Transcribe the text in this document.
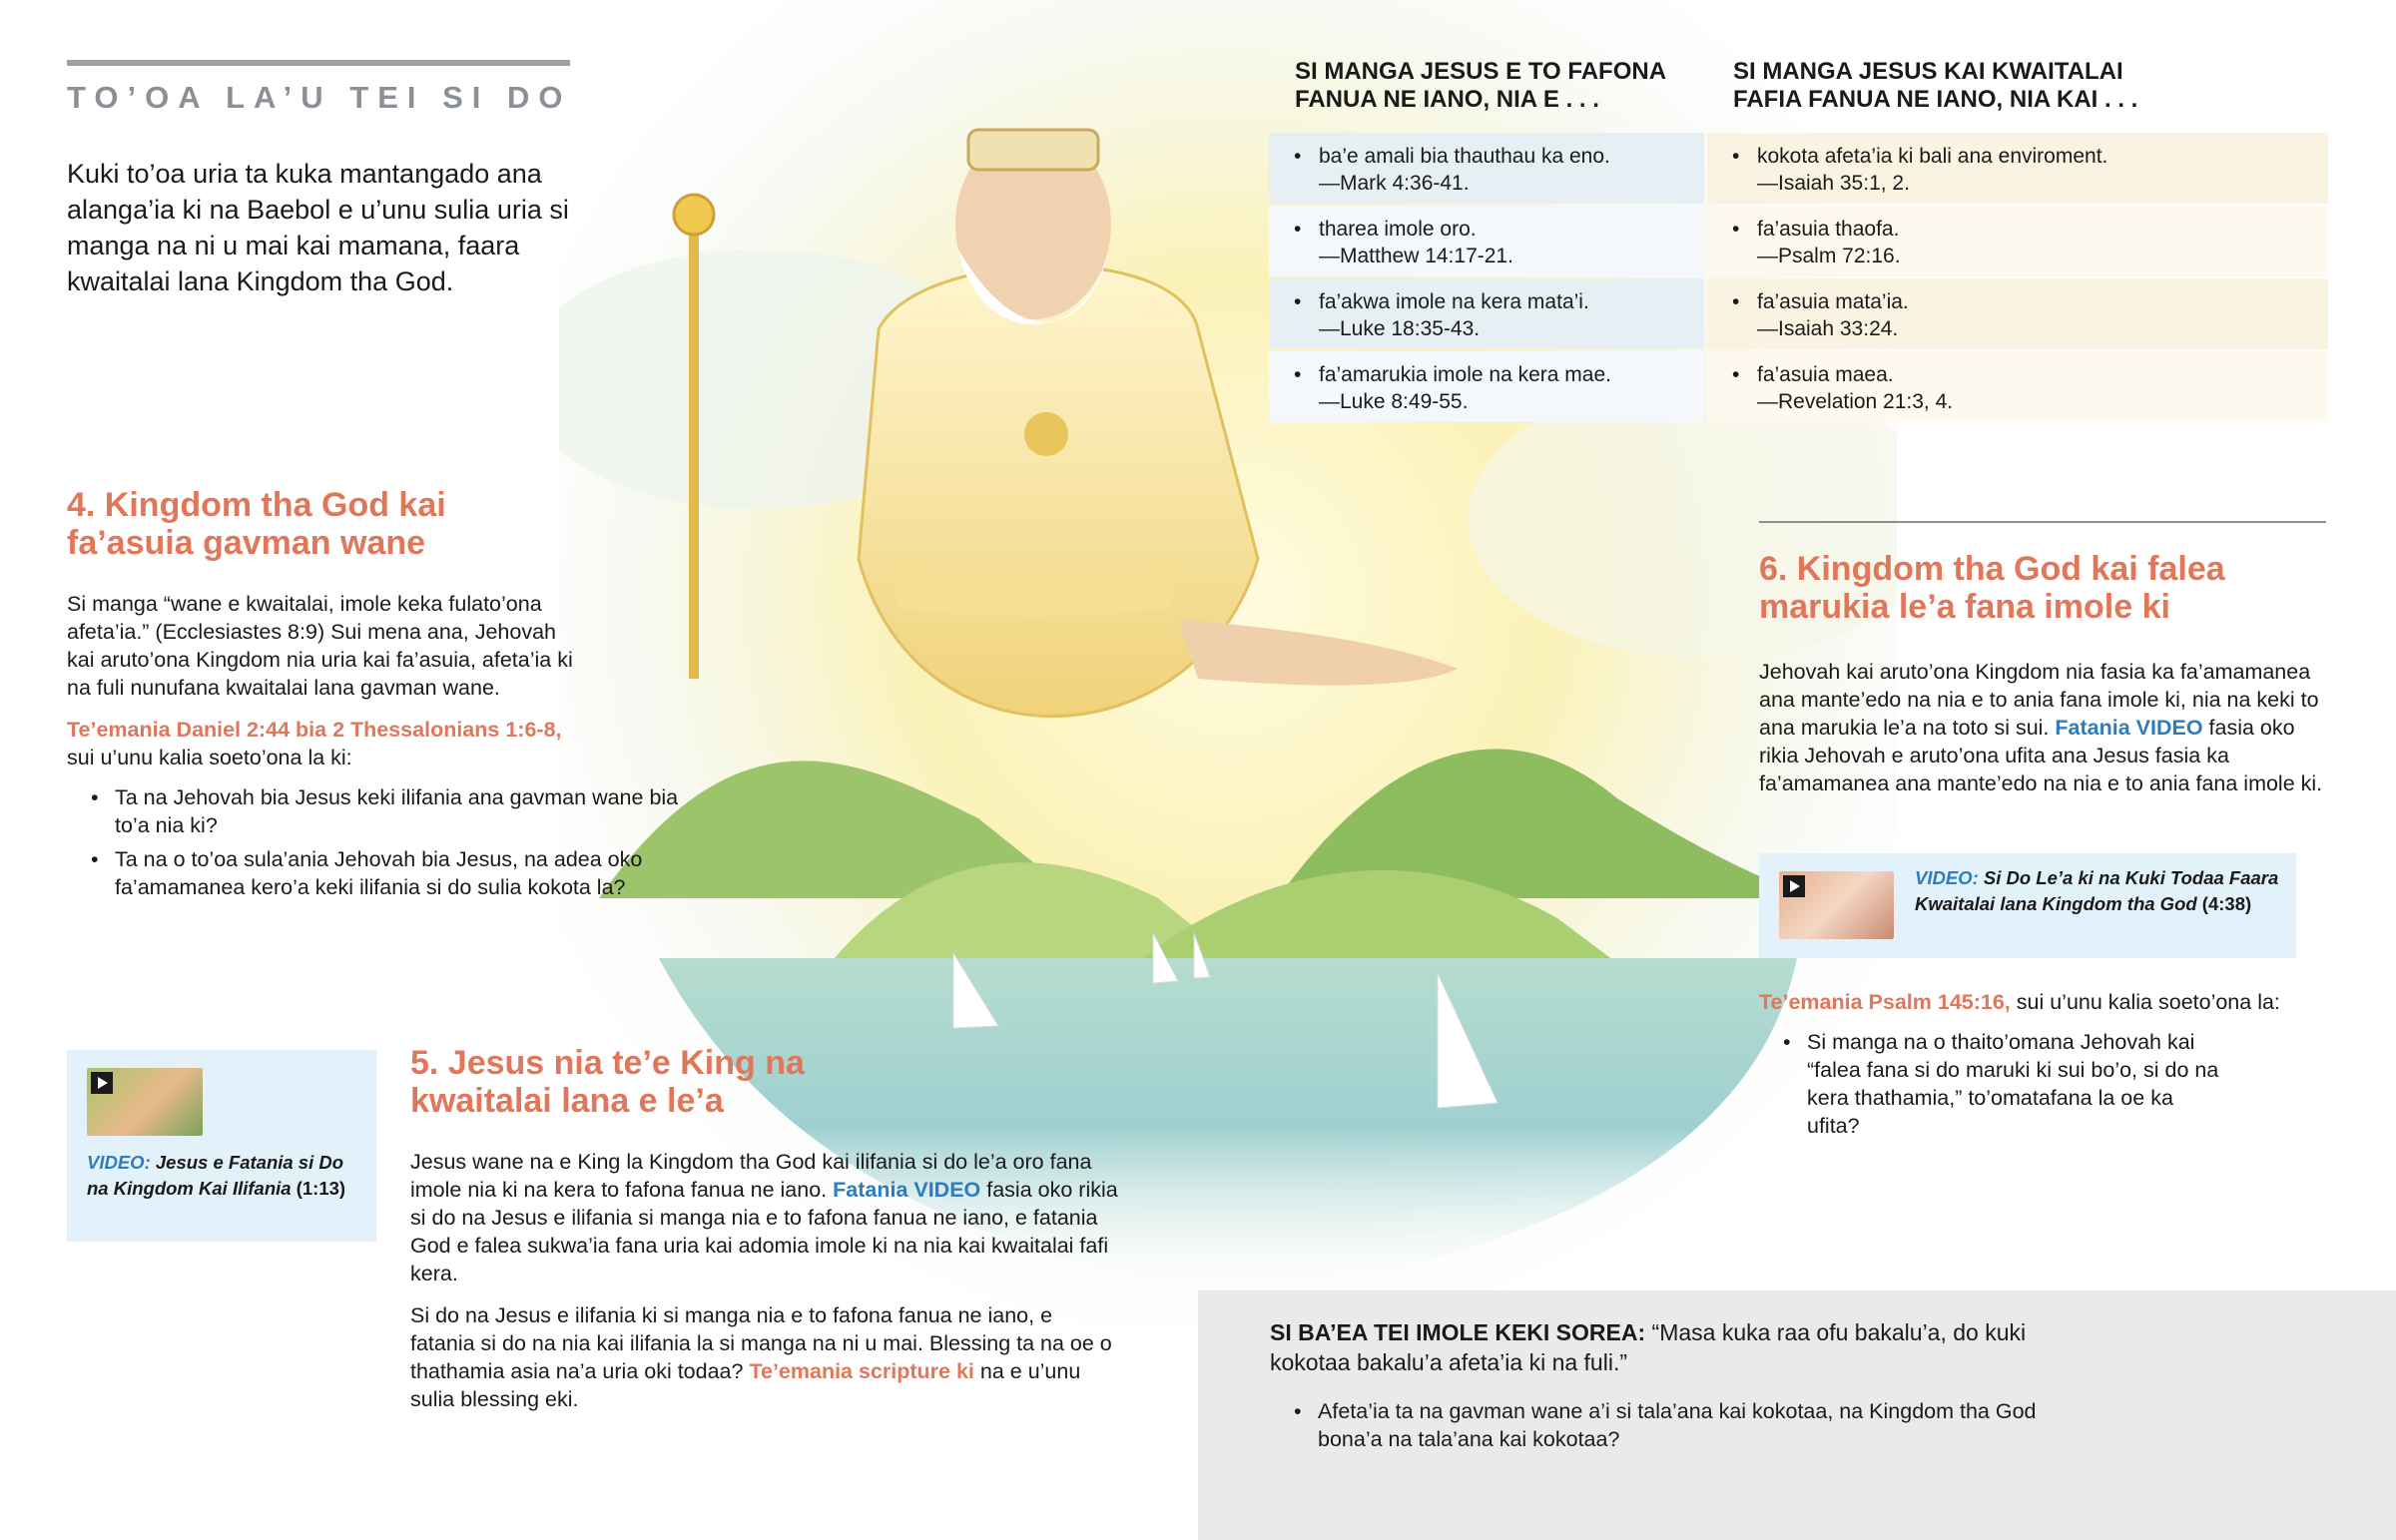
TO’OA LA’U TEI SI DO
Kuki to’oa uria ta kuka mantangado ana alanga’ia ki na Baebol e u’unu sulia uria si manga na ni u mai kai mamana, faara kwaitalai lana Kingdom tha God.
SI MANGA JESUS E TO FAFONA FANUA NE IANO, NIA E . . .
SI MANGA JESUS KAI KWAITALAI FAFIA FANUA NE IANO, NIA KAI . . .
• ba’e amali bia thauthau ka eno.
—Mark 4:36-41.
• kokota afeta’ia ki bali ana enviroment.
—Isaiah 35:1, 2.
• tharea imole oro.
—Matthew 14:17-21.
• fa’asuia thaofa.
—Psalm 72:16.
• fa’akwa imole na kera mata’i.
—Luke 18:35-43.
• fa’asuia mata’ia.
—Isaiah 33:24.
• fa’amarukia imole na kera mae.
—Luke 8:49-55.
• fa’asuia maea.
—Revelation 21:3, 4.
4. Kingdom tha God kai
fa’asuia gavman wane
Si manga “wane e kwaitalai, imole keka fulato’ona afeta’ia.” (Ecclesiastes 8:9) Sui mena ana, Jehovah kai aruto’ona Kingdom nia uria kai fa’asuia, afeta’ia ki na fuli nunufana kwaitalai lana gavman wane.
Te’emania Daniel 2:44 bia 2 Thessalonians 1:6-8, sui u’unu kalia soeto’ona la ki:
• Ta na Jehovah bia Jesus keki ilifania ana gavman wane bia to’a nia ki?
• Ta na o to’oa sula’ania Jehovah bia Jesus, na adea oko fa’amamanea kero’a keki ilifania si do sulia kokota la?
VIDEO: Jesus e Fatania si Do na Kingdom Kai Ilifania (1:13)
5. Jesus nia te’e King na
kwaitalai lana e le’a
Jesus wane na e King la Kingdom tha God kai ilifania si do le’a oro fana imole nia ki na kera to fafona fanua ne iano. Fatania VIDEO fasia oko rikia si do na Jesus e ilifania si manga nia e to fafona fanua ne iano, e fatania God e falea sukwa’ia fana uria kai adomia imole ki na nia kai kwaitalai fafi kera.
Si do na Jesus e ilifania ki si manga nia e to fafona fanua ne iano, e fatania si do na nia kai ilifania la si manga na ni u mai. Blessing ta na oe o thathamia asia na’a uria oki todaa? Te’emania scripture ki na e u’unu sulia blessing eki.
6. Kingdom tha God kai falea
marukia le’a fana imole ki
Jehovah kai aruto’ona Kingdom nia fasia ka fa’amamanea ana mante’edo na nia e to ania fana imole ki, nia na keki to ana marukia le’a na toto si sui. Fatania VIDEO fasia oko rikia Jehovah e aruto’ona ufita ana Jesus fasia ka fa’amamanea ana mante’edo na nia e to ania fana imole ki.
VIDEO: Si Do Le’a ki na Kuki Todaa Faara Kwaitalai lana Kingdom tha God (4:38)
Te’emania Psalm 145:16, sui u’unu kalia soeto’ona la:
• Si manga na o thaito’omana Jehovah kai “falea fana si do maruki ki sui bo’o, si do na kera thathamia,” to’omatafana la oe ka ufita?
SI BA’EA TEI IMOLE KEKI SOREA: “Masa kuka raa ofu bakalu’a, do kuki kokotaa bakalu’a afeta’ia ki na fuli.”
• Afeta’ia ta na gavman wane a’i si tala’ana kai kokotaa, na Kingdom tha God bona’a na tala’ana kai kokotaa?
